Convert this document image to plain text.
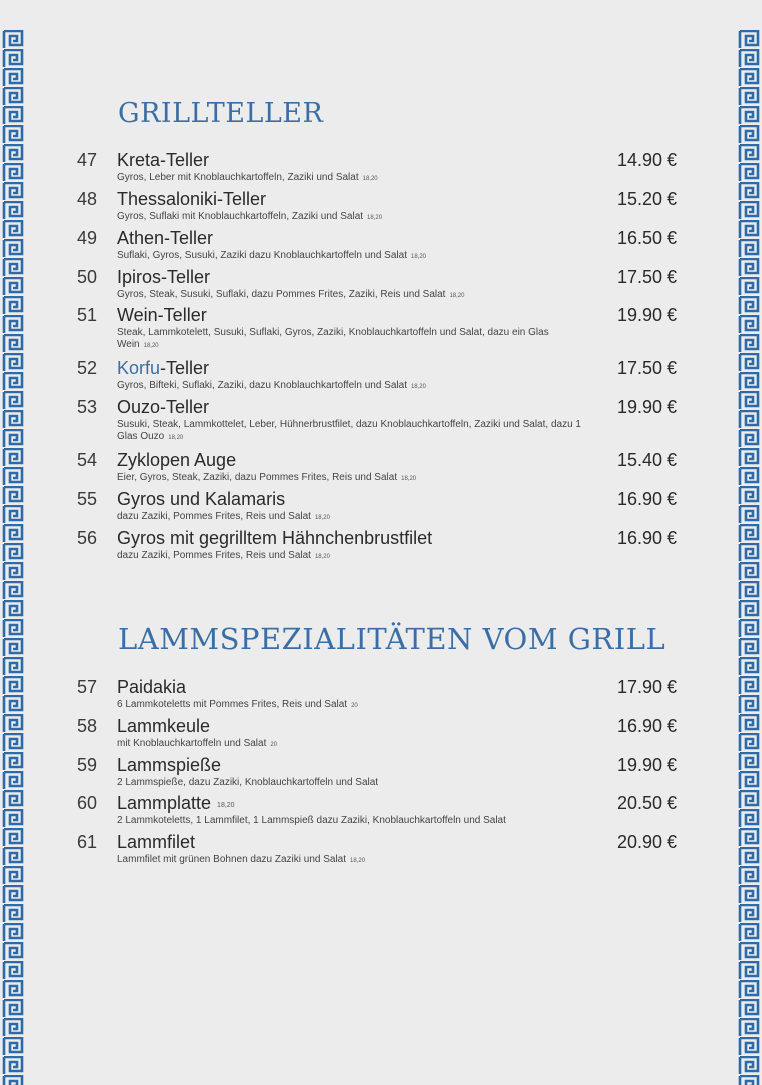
GRILLTELLER
47 Kreta-Teller	14.90 €
Gyros, Leber mit Knoblauchkartoffeln, Zaziki und Salat 18,20
48 Thessaloniki-Teller	15.20 €
Gyros, Suflaki mit Knoblauchkartoffeln, Zaziki und Salat 18,20
49 Athen-Teller	16.50 €
Suflaki, Gyros, Susuki, Zaziki dazu Knoblauchkartoffeln und Salat 18,20
50 Ipiros-Teller	17.50 €
Gyros, Steak, Susuki, Suflaki, dazu Pommes Frites, Zaziki, Reis und Salat 18,20
51 Wein-Teller	19.90 €
Steak, Lammkotelett, Susuki, Suflaki, Gyros, Zaziki, Knoblauchkartoffeln und Salat, dazu ein Glas Wein 18,20
52 Korfu-Teller	17.50 €
Gyros, Bifteki, Suflaki, Zaziki, dazu Knoblauchkartoffeln und Salat 18,20
53 Ouzo-Teller	19.90 €
Susuki, Steak, Lammkottelet, Leber, Hühnerbrustfilet, dazu Knoblauchkartoffeln, Zaziki und Salat, dazu 1 Glas Ouzo 18,20
54 Zyklopen Auge	15.40 €
Eier, Gyros, Steak, Zaziki, dazu Pommes Frites, Reis und Salat 18,20
55 Gyros und Kalamaris	16.90 €
dazu Zaziki, Pommes Frites, Reis und Salat 18,20
56 Gyros mit gegrilltem Hähnchenbrustfilet	16.90 €
dazu Zaziki, Pommes Frites, Reis und Salat 18,20
LAMMSPEZIALITÄTEN VOM GRILL
57 Paidakia	17.90 €
6 Lammkoteletts mit Pommes Frites, Reis und Salat 20
58 Lammkeule	16.90 €
mit Knoblauchkartoffeln und Salat 20
59 Lammspieße	19.90 €
2 Lammspieße, dazu Zaziki, Knoblauchkartoffeln und Salat
60 Lammplatte 18,20	20.50 €
2 Lammkoteletts, 1 Lammfilet, 1 Lammspieß dazu Zaziki, Knoblauchkartoffeln und Salat
61 Lammfilet	20.90 €
Lammfilet mit grünen Bohnen dazu Zaziki und Salat 18,20
